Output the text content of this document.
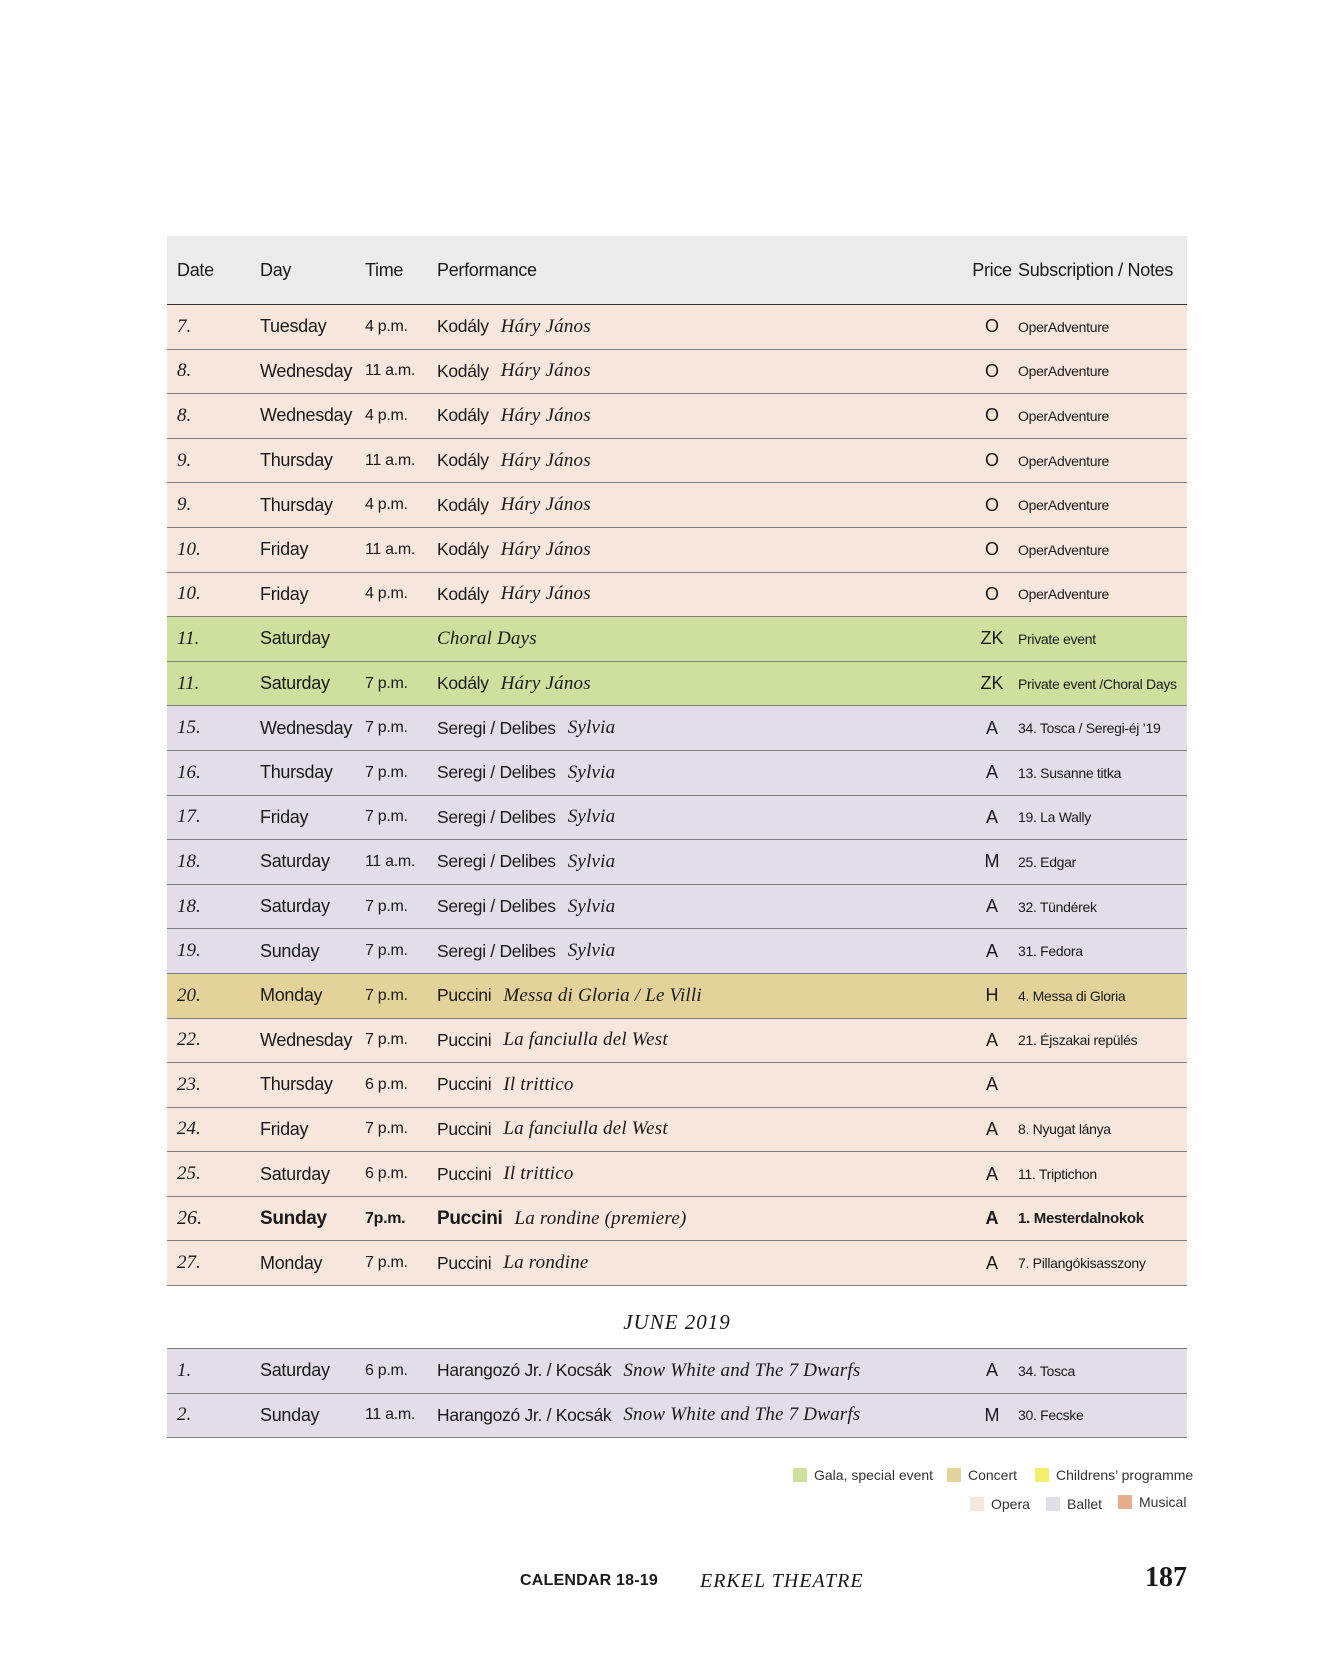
Date	Day	Time Performance	Price Subscription / Notes
7.	Tuesday 4 p.m. Kodály Háry János	O	OperAdventure
8.	Wednesday 11 a.m. Kodály Háry János	O	OperAdventure
8.	Wednesday 4 p.m. Kodály Háry János	O	OperAdventure
9.	Thursday 11 a.m. Kodály Háry János	O	OperAdventure
9.	Thursday 4 p.m. Kodály Háry János	O	OperAdventure
10.	Friday	11 a.m. Kodály Háry János	O	OperAdventure
10.	Friday	4 p.m. Kodály Háry János	O	OperAdventure
11.	Saturday	Choral Days	ZK Private event
11.	Saturday 7 p.m. Kodály Háry János	ZK Private event /Choral Days
15.	Wednesday 7 p.m. Seregi / Delibes Sylvia	A	34. Tosca / Seregi-éj ’19
16.	Thursday 7 p.m. Seregi / Delibes Sylvia	A	13. Susanne titka
17.	Friday	7 p.m. Seregi / Delibes Sylvia	A	19. La Wally
18.	Saturday 11 a.m. Seregi / Delibes Sylvia	M	25. Edgar
18.	Saturday 7 p.m. Seregi / Delibes Sylvia	A	32. Tündérek
19.	Sunday	7 p.m. Seregi / Delibes Sylvia	A	31. Fedora
20.	Monday	7 p.m. Puccini Messa di Gloria / Le Villi	H	4. Messa di Gloria
22.	Wednesday 7 p.m. Puccini La fanciulla del West	A	21. Éjszakai repülés
23.	Thursday 6 p.m. Puccini Il trittico	A
24.	Friday	7 p.m. Puccini La fanciulla del West	A	8. Nyugat lánya
25.	Saturday 6 p.m. Puccini Il trittico	A	11. Triptichon
26.	Sunday 7p.m. Puccini La rondine (premiere)	A	1. Mesterdalnokok
27.	Monday	7 p.m. Puccini La rondine	A	7. Pillangókisasszony
JUNE 2019
1.	Saturday 6 p.m. Harangozó Jr. / Kocsák Snow White and The 7 Dwarfs	A	34. Tosca
2.	Sunday	11 a.m. Harangozó Jr. / Kocsák Snow White and The 7 Dwarfs	M	30. Fecske
Gala, special event Concert	Childrens’ programme
Opera	Ballet	Musical
CALENDAR 18-19 ERKEL THEATRE	187
